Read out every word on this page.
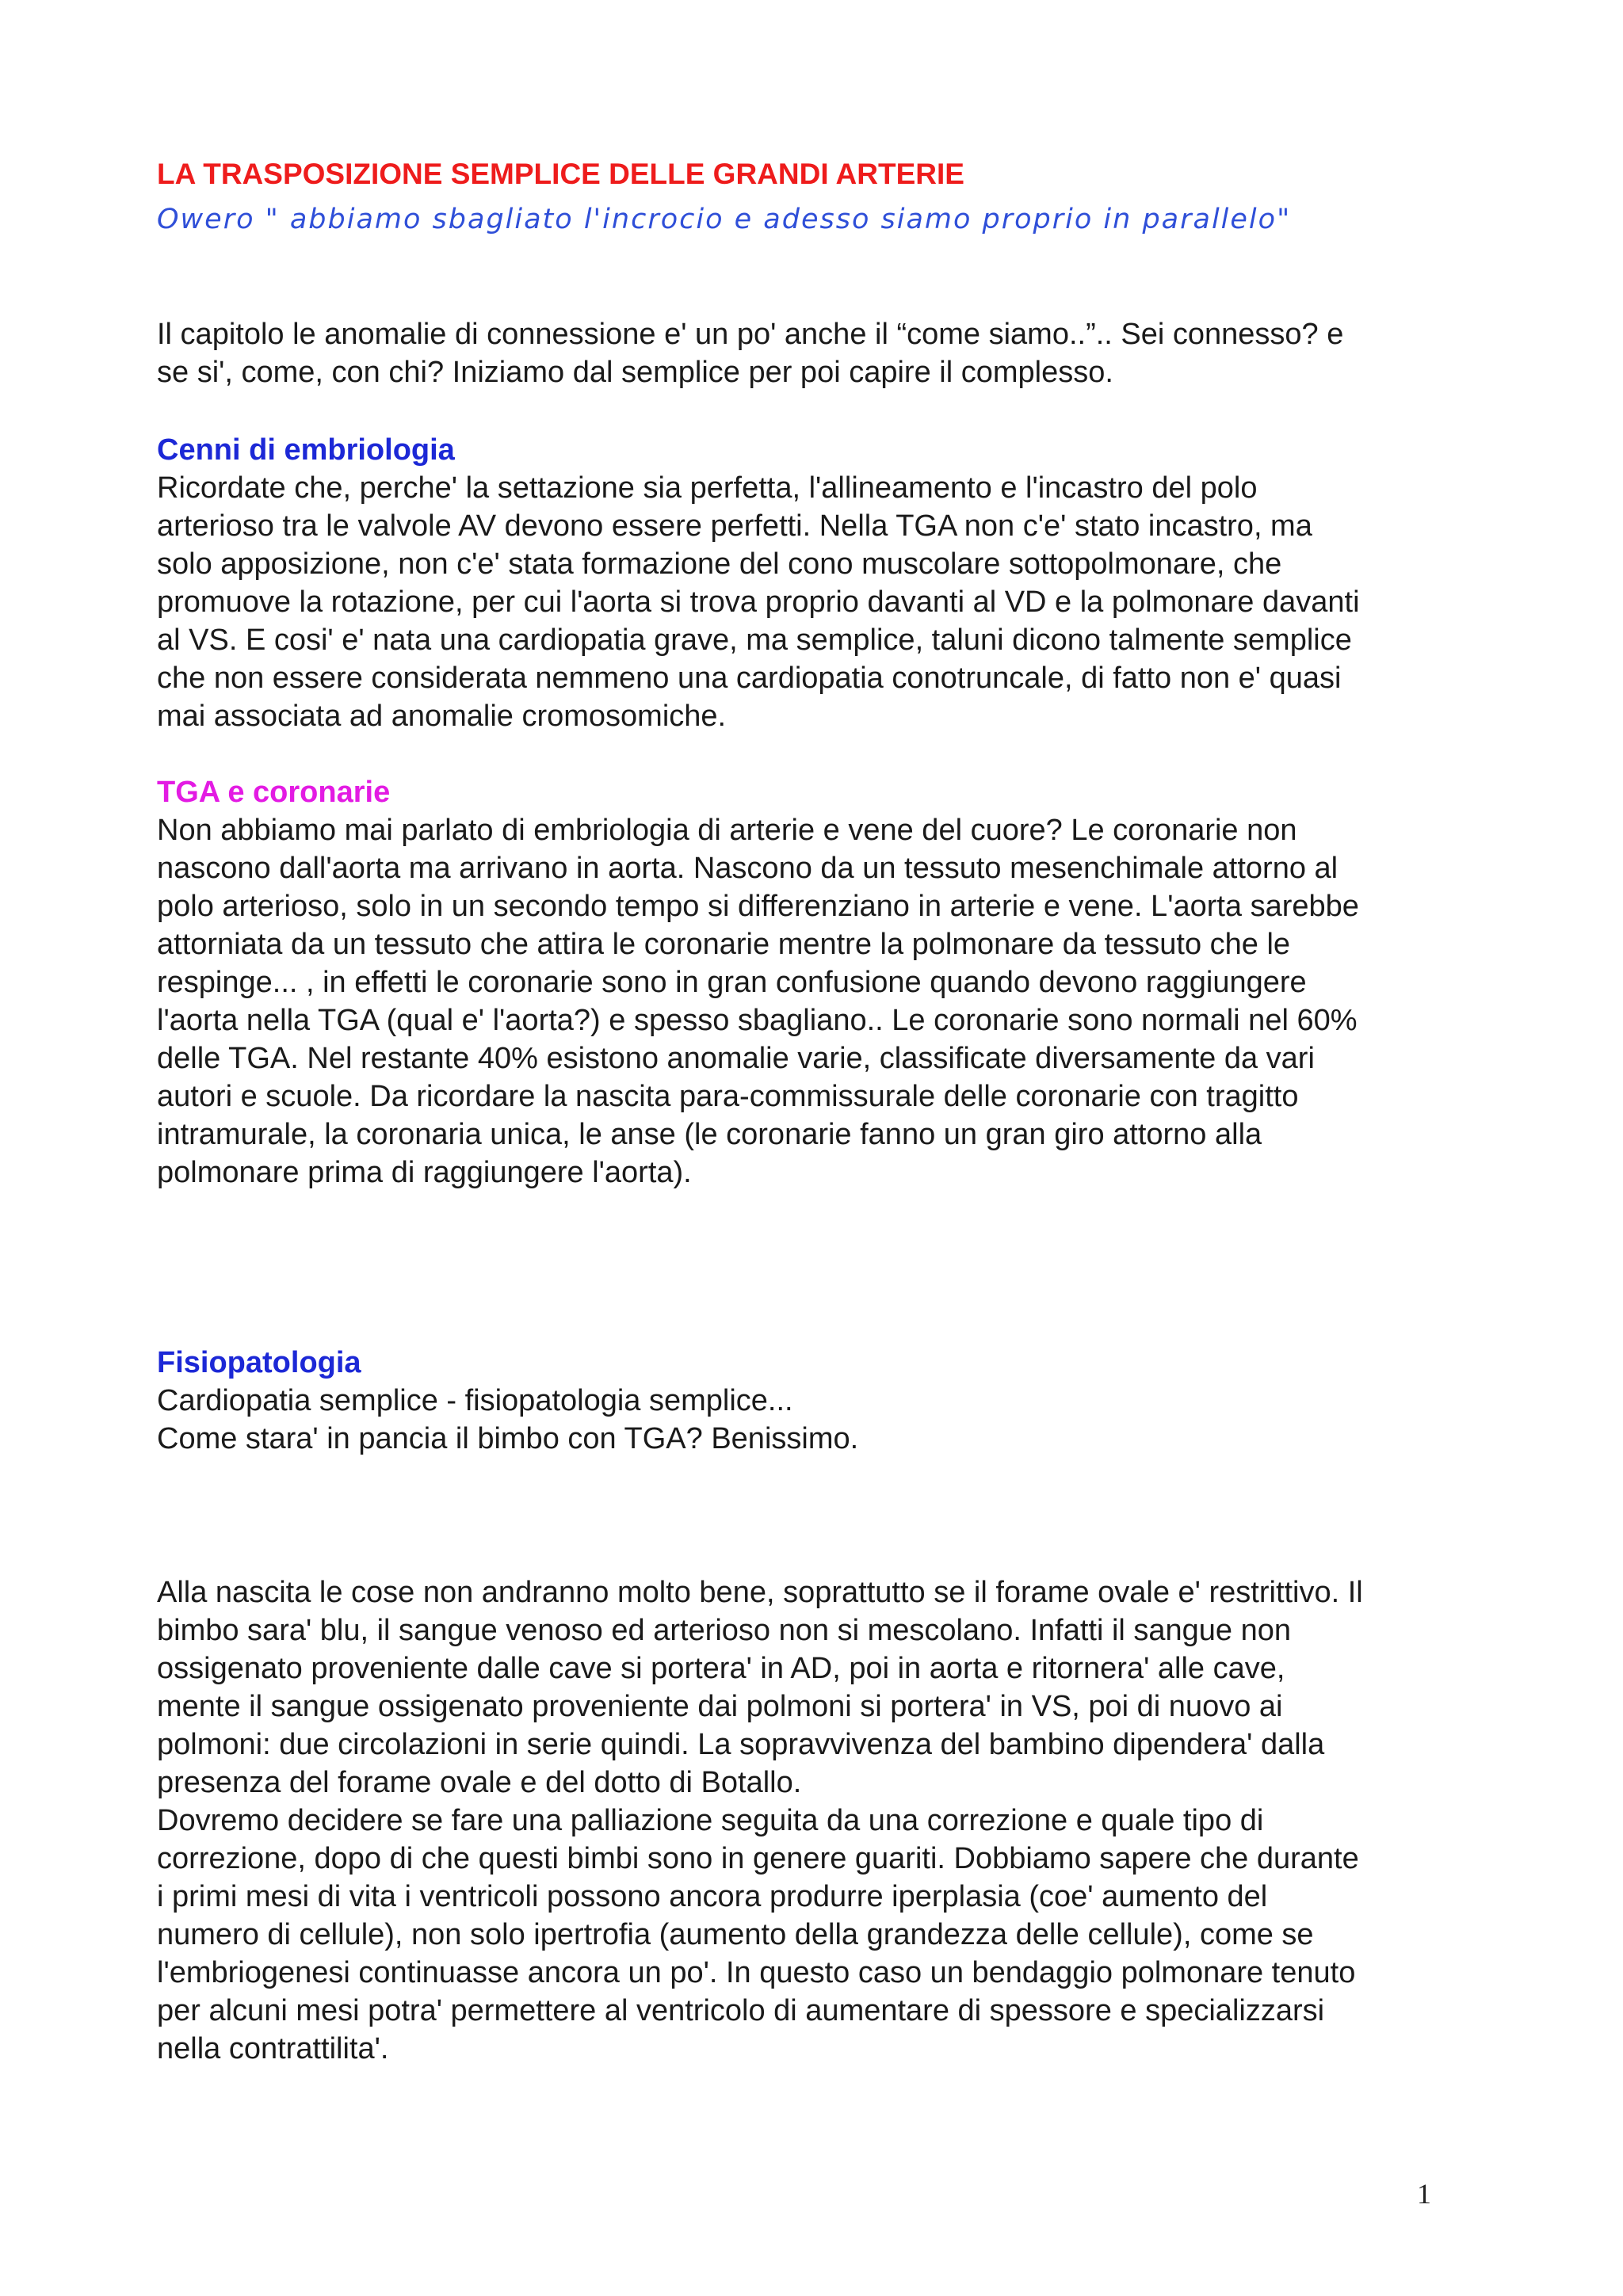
LA TRASPOSIZIONE SEMPLICE DELLE GRANDI ARTERIE

Owero " abbiamo sbagliato l'incrocio e adesso siamo proprio in parallelo"

Il capitolo le anomalie di connessione e' un po' anche il “come siamo..”.. Sei connesso? e
se si', come, con chi? Iniziamo dal semplice per poi capire il complesso.

Cenni di embriologia

Ricordate che, perche' la settazione sia perfetta, l'allineamento e l'incastro del polo
arterioso tra le valvole AV devono essere perfetti. Nella TGA non c'e' stato incastro, ma
solo apposizione, non c'e' stata formazione del cono muscolare sottopolmonare, che
promuove la rotazione, per cui l'aorta si trova proprio davanti al VD e la polmonare davanti
al VS. E cosi' e' nata una cardiopatia grave, ma semplice, taluni dicono talmente semplice
che non essere considerata nemmeno una cardiopatia conotruncale, di fatto non e' quasi
mai associata ad anomalie cromosomiche.

TGA e coronarie

Non abbiamo mai parlato di embriologia di arterie e vene del cuore? Le coronarie non
nascono dall'aorta ma arrivano in aorta. Nascono da un tessuto mesenchimale attorno al
polo arterioso, solo in un secondo tempo si differenziano in arterie e vene. L'aorta sarebbe
attorniata da un tessuto che attira le coronarie mentre la polmonare da tessuto che le
respinge... , in effetti le coronarie sono in gran confusione quando devono raggiungere
l'aorta nella TGA (qual e' l'aorta?) e spesso sbagliano.. Le coronarie sono normali nel 60%
delle TGA. Nel restante 40% esistono anomalie varie, classificate diversamente da vari
autori e scuole. Da ricordare la nascita para-commissurale delle coronarie con tragitto
intramurale, la coronaria unica, le anse (le coronarie fanno un gran giro attorno alla
polmonare prima di raggiungere l'aorta).

Fisiopatologia

Cardiopatia semplice - fisiopatologia semplice...
Come stara' in pancia il bimbo con TGA? Benissimo.

Alla nascita le cose non andranno molto bene, soprattutto se il forame ovale e' restrittivo. Il
bimbo sara' blu, il sangue venoso ed arterioso non si mescolano. Infatti il sangue non
ossigenato proveniente dalle cave si portera' in AD, poi in aorta e ritornera' alle cave,
mente il sangue ossigenato proveniente dai polmoni si portera' in VS, poi di nuovo ai
polmoni: due circolazioni in serie quindi. La sopravvivenza del bambino dipendera' dalla
presenza del forame ovale e del dotto di Botallo.
Dovremo decidere se fare una palliazione seguita da una correzione e quale tipo di
correzione, dopo di che questi bimbi sono in genere guariti. Dobbiamo sapere che durante
i primi mesi di vita i ventricoli possono ancora produrre iperplasia (coe' aumento del
numero di cellule), non solo ipertrofia (aumento della grandezza delle cellule), come se
l'embriogenesi continuasse ancora un po'. In questo caso un bendaggio polmonare tenuto
per alcuni mesi potra' permettere al ventricolo di aumentare di spessore e specializzarsi
nella contrattilita'.

1
